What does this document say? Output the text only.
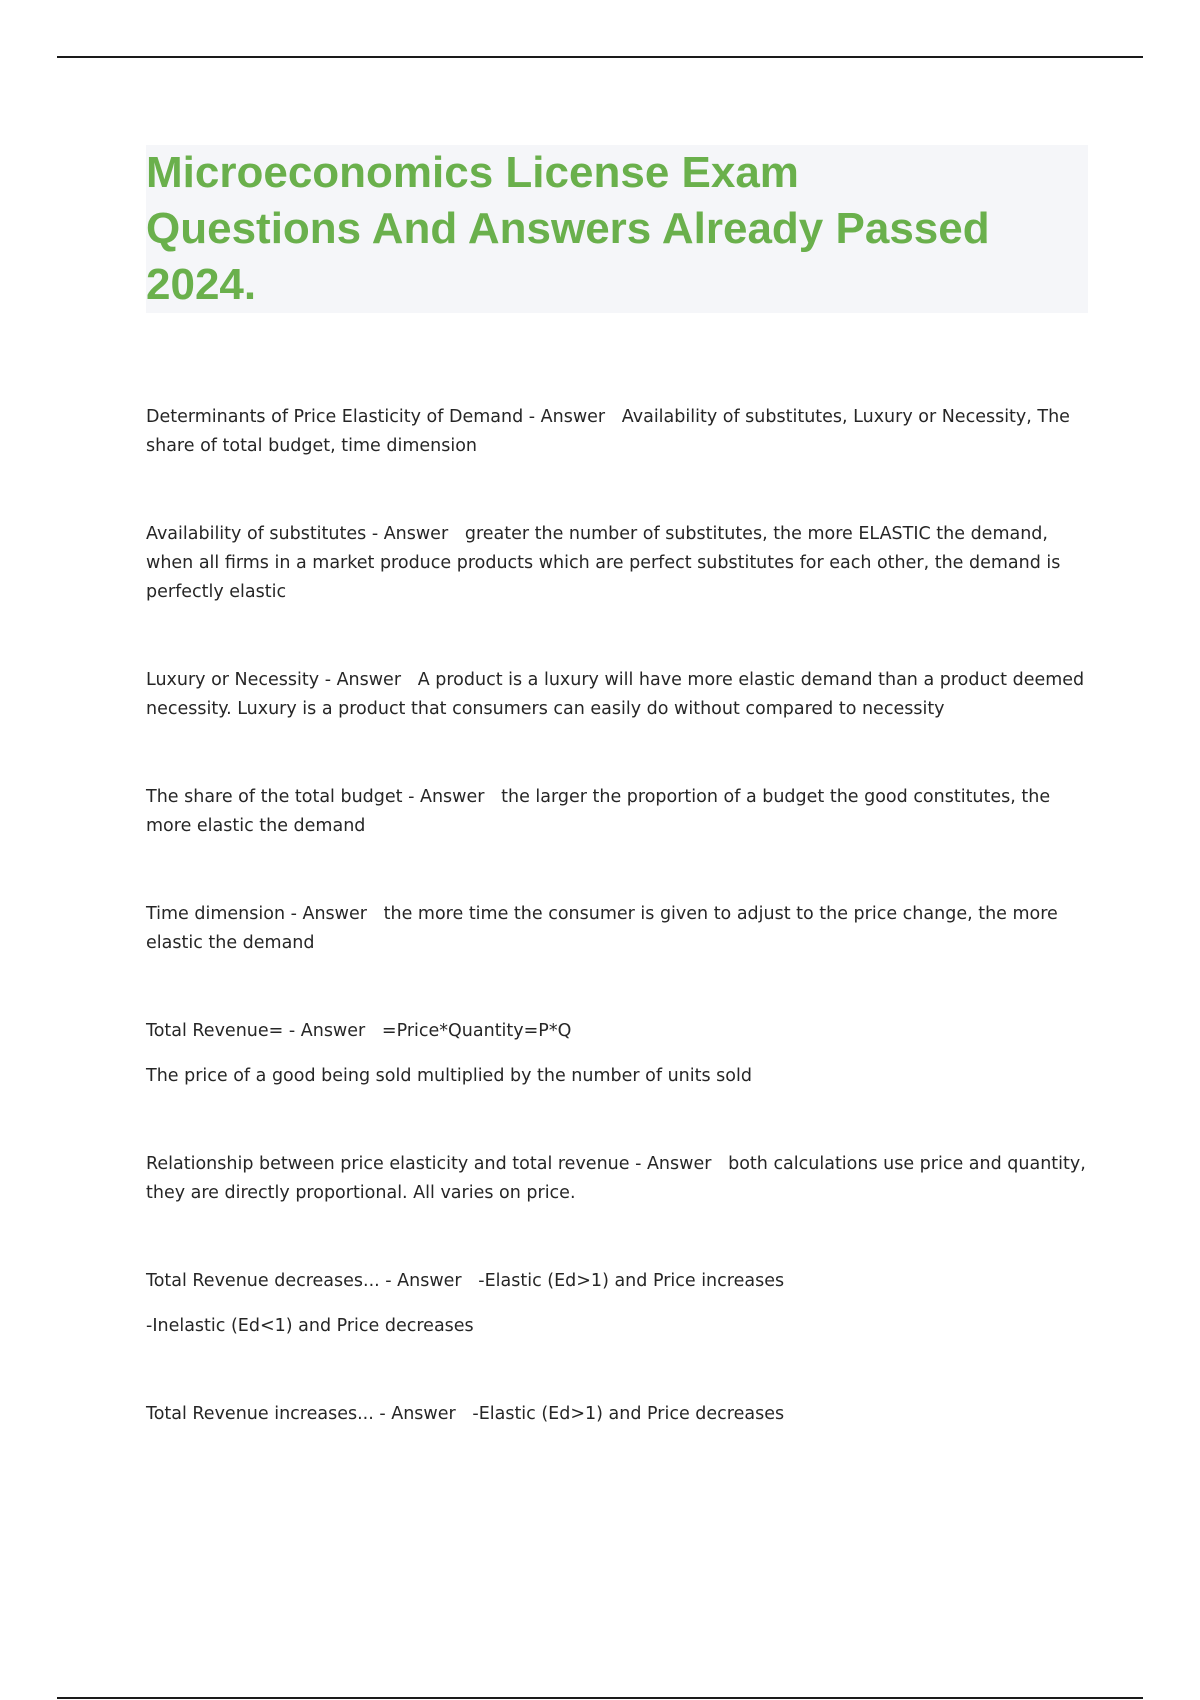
Microeconomics License Exam
Questions And Answers Already Passed
2024.

Determinants of Price Elasticity of Demand - Answer   Availability of substitutes, Luxury or Necessity, The share of total budget, time dimension

Availability of substitutes - Answer   greater the number of substitutes, the more ELASTIC the demand, when all firms in a market produce products which are perfect substitutes for each other, the demand is perfectly elastic

Luxury or Necessity - Answer   A product is a luxury will have more elastic demand than a product deemed necessity. Luxury is a product that consumers can easily do without compared to necessity

The share of the total budget - Answer   the larger the proportion of a budget the good constitutes, the more elastic the demand

Time dimension - Answer   the more time the consumer is given to adjust to the price change, the more elastic the demand

Total Revenue= - Answer   =Price*Quantity=P*Q

The price of a good being sold multiplied by the number of units sold

Relationship between price elasticity and total revenue - Answer   both calculations use price and quantity, they are directly proportional. All varies on price.

Total Revenue decreases... - Answer   -Elastic (Ed>1) and Price increases

-Inelastic (Ed<1) and Price decreases

Total Revenue increases... - Answer   -Elastic (Ed>1) and Price decreases
